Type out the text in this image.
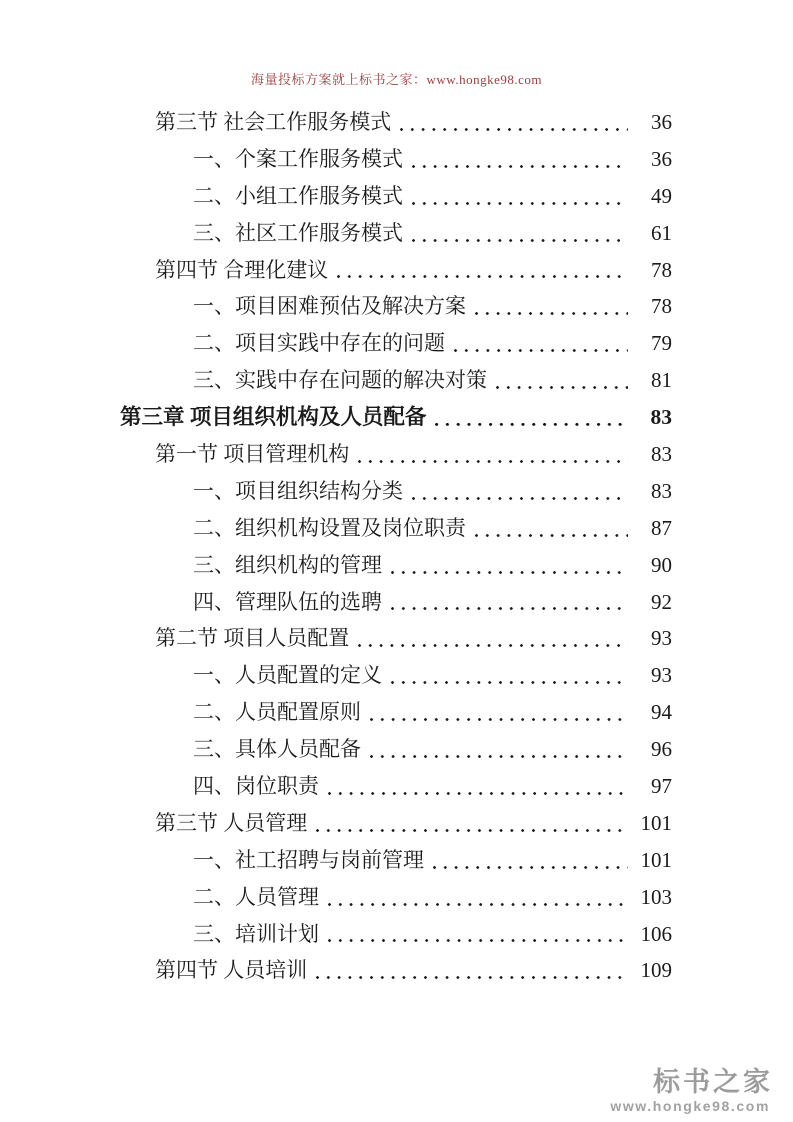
海量投标方案就上标书之家：www.hongke98.com
第三节 社会工作服务模式	36
一、个案工作服务模式	36
二、小组工作服务模式	49
三、社区工作服务模式	61
第四节 合理化建议	78
一、项目困难预估及解决方案	78
二、项目实践中存在的问题	79
三、实践中存在问题的解决对策	81
第三章 项目组织机构及人员配备	83
第一节 项目管理机构	83
一、项目组织结构分类	83
二、组织机构设置及岗位职责	87
三、组织机构的管理	90
四、管理队伍的选聘	92
第二节 项目人员配置	93
一、人员配置的定义	93
二、人员配置原则	94
三、具体人员配备	96
四、岗位职责	97
第三节 人员管理	101
一、社工招聘与岗前管理	101
二、人员管理	103
三、培训计划	106
第四节 人员培训	109
标书之家
www.hongke98.com
